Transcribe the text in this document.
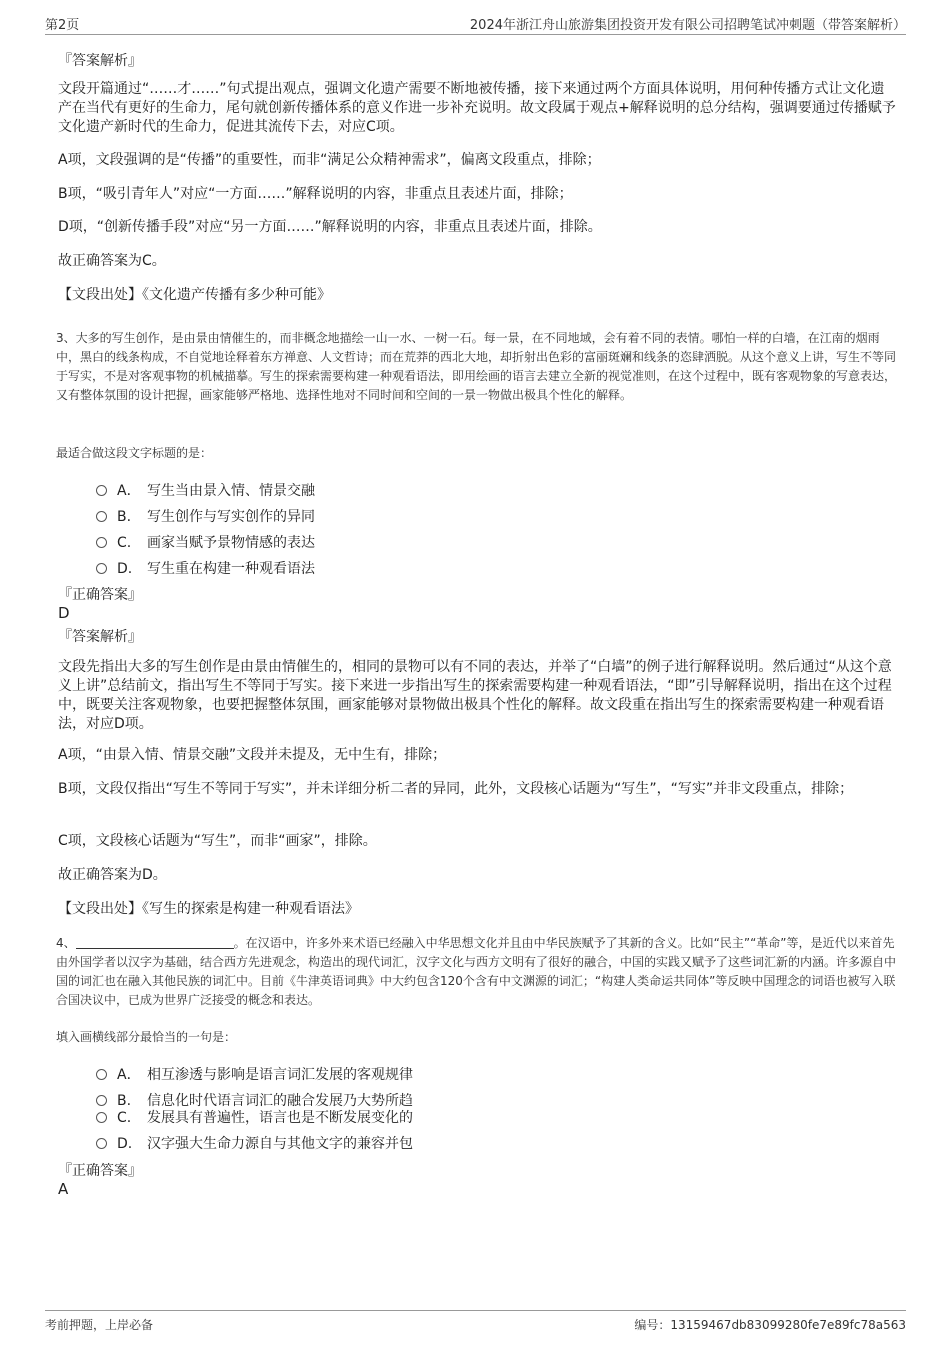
第2页	2024年浙江舟山旅游集团投资开发有限公司招聘笔试冲刺题（带答案解析）
『答案解析』
文段开篇通过“……才……”句式提出观点，强调文化遗产需要不断地被传播，接下来通过两个方面具体说明，用何种传播方式让文化遗产在当代有更好的生命力，尾句就创新传播体系的意义作进一步补充说明。故文段属于观点+解释说明的总分结构，强调要通过传播赋予文化遗产新时代的生命力，促进其流传下去，对应C项。
A项，文段强调的是“传播”的重要性，而非“满足公众精神需求”，偏离文段重点，排除；
B项，“吸引青年人”对应“一方面……”解释说明的内容，非重点且表述片面，排除；
D项，“创新传播手段”对应“另一方面……”解释说明的内容，非重点且表述片面，排除。
故正确答案为C。
【文段出处】《文化遗产传播有多少种可能》
3、大多的写生创作，是由景由情催生的，而非概念地描绘一山一水、一树一石。每一景，在不同地域，会有着不同的表情。哪怕一样的白墙，在江南的烟雨中，黑白的线条构成，不自觉地诠释着东方禅意、人文哲诗；而在荒莽的西北大地，却折射出色彩的富丽斑斓和线条的恣肆洒脱。从这个意义上讲，写生不等同于写实，不是对客观事物的机械描摹。写生的探索需要构建一种观看语法，即用绘画的语言去建立全新的视觉准则，在这个过程中，既有客观物象的写意表达，又有整体氛围的设计把握，画家能够严格地、选择性地对不同时间和空间的一景一物做出极具个性化的解释。
最适合做这段文字标题的是：
A． 写生当由景入情、情景交融
B. 写生创作与写实创作的异同
C. 画家当赋予景物情感的表达
D. 写生重在构建一种观看语法
『正确答案』
D
『答案解析』
文段先指出大多的写生创作是由景由情催生的，相同的景物可以有不同的表达，并举了“白墙”的例子进行解释说明。然后通过“从这个意义上讲”总结前文，指出写生不等同于写实。接下来进一步指出写生的探索需要构建一种观看语法，“即”引导解释说明，指出在这个过程中，既要关注客观物象，也要把握整体氛围，画家能够对景物做出极具个性化的解释。故文段重在指出写生的探索需要构建一种观看语法，对应D项。
A项，“由景入情、情景交融”文段并未提及，无中生有，排除；
B项，文段仅指出“写生不等同于写实”，并未详细分析二者的异同，此外，文段核心话题为“写生”，“写实”并非文段重点，排除；
C项，文段核心话题为“写生”，而非“画家”，排除。
故正确答案为D。
【文段出处】《写生的探索是构建一种观看语法》
4、	。在汉语中，许多外来术语已经融入中华思想文化并且由中华民族赋予了其新的含义。比如“民主”“革命”等，是近代以来首先由外国学者以汉字为基础，结合西方先进观念，构造出的现代词汇，汉字文化与西方文明有了很好的融合，中国的实践又赋予了这些词汇新的内涵。许多源自中国的词汇也在融入其他民族的词汇中。目前《牛津英语词典》中大约包含120个含有中文渊源的词汇；“构建人类命运共同体”等反映中国理念的词语也被写入联合国决议中，已成为世界广泛接受的概念和表达。
填入画横线部分最恰当的一句是：
A． 相互渗透与影响是语言词汇发展的客观规律
B. 信息化时代语言词汇的融合发展乃大势所趋
C. 发展具有普遍性，语言也是不断发展变化的
D. 汉字强大生命力源自与其他文字的兼容并包
『正确答案』
A
考前押题，上岸必备	编号：13159467db83099280fe7e89fc78a563
